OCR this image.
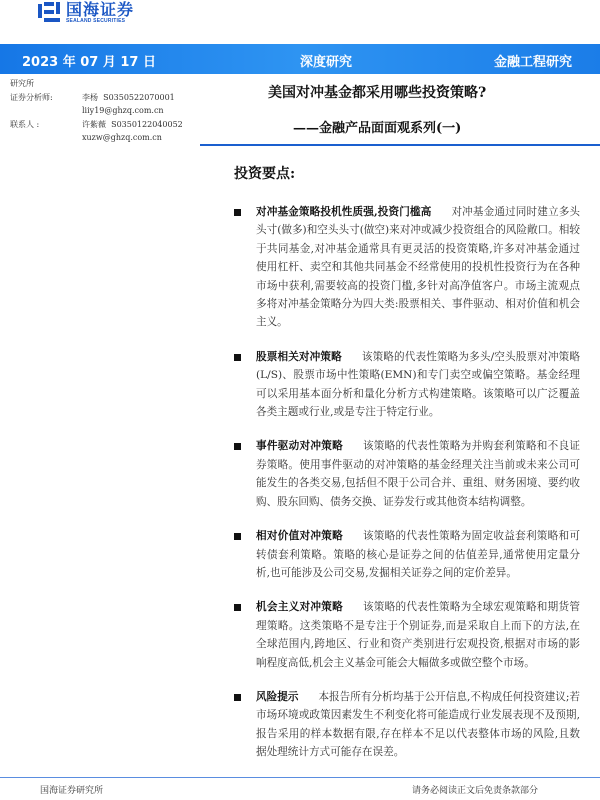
国海证券
SEALAND SECURITIES
2023 年 07 月 17 日	深度研究	金融工程研究
研究所
证券分析师:	李杨 S0350522070001
liiy19@ghzq.com.cn
联系人 :	许紫薇 S0350122040052
xuzw@ghzq.com.cn
美国对冲基金都采用哪些投资策略?
——金融产品面面观系列(一)
投资要点:
对冲基金策略投机性质强,投资门槛高 对冲基金通过同时建立多头头寸(做多)和空头头寸(做空)来对冲或减少投资组合的风险敞口。相较于共同基金,对冲基金通常具有更灵活的投资策略,许多对冲基金通过使用杠杆、卖空和其他共同基金不经常使用的投机性投资行为在各种市场中获利,需要较高的投资门槛,多针对高净值客户。市场主流观点多将对冲基金策略分为四大类:股票相关、事件驱动、相对价值和机会主义。
股票相关对冲策略 该策略的代表性策略为多头/空头股票对冲策略(L/S)、股票市场中性策略(EMN)和专门卖空或偏空策略。基金经理可以采用基本面分析和量化分析方式构建策略。该策略可以广泛覆盖各类主题或行业,或是专注于特定行业。
事件驱动对冲策略 该策略的代表性策略为并购套利策略和不良证券策略。使用事件驱动的对冲策略的基金经理关注当前或未来公司可能发生的各类交易,包括但不限于公司合并、重组、财务困境、要约收购、股东回购、债务交换、证券发行或其他资本结构调整。
相对价值对冲策略 该策略的代表性策略为固定收益套利策略和可转债套利策略。策略的核心是证券之间的估值差异,通常使用定量分析,也可能涉及公司交易,发掘相关证券之间的定价差异。
机会主义对冲策略 该策略的代表性策略为全球宏观策略和期货管理策略。这类策略不是专注于个别证券,而是采取自上而下的方法,在全球范围内,跨地区、行业和资产类别进行宏观投资,根据对市场的影响程度高低,机会主义基金可能会大幅做多或做空整个市场。
风险提示 本报告所有分析均基于公开信息,不构成任何投资建议;若市场环境或政策因素发生不利变化将可能造成行业发展表现不及预期,报告采用的样本数据有限,存在样本不足以代表整体市场的风险,且数据处理统计方式可能存在误差。
国海证券研究所	请务必阅读正文后免责条款部分
